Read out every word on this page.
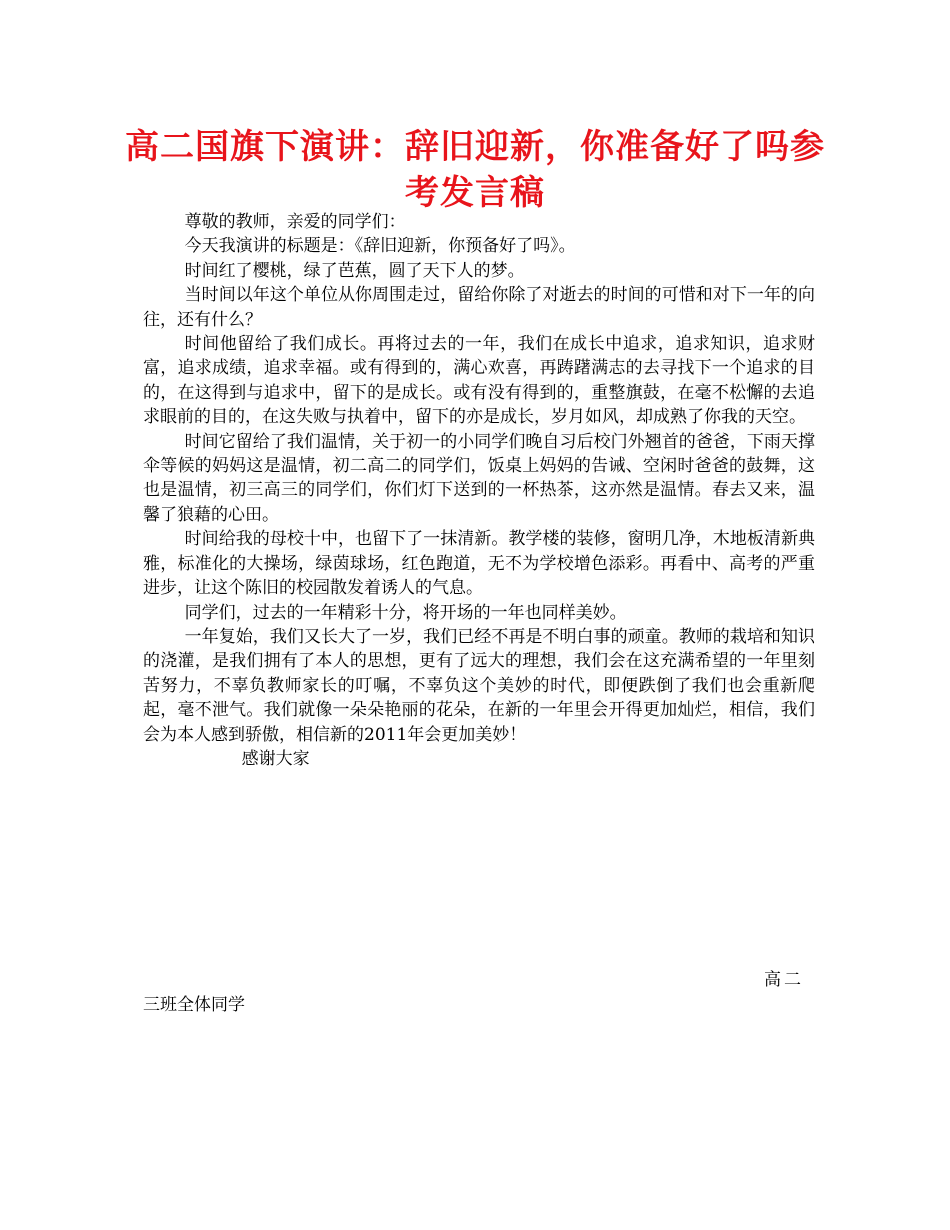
高二国旗下演讲：辞旧迎新，你准备好了吗参考发言稿

尊敬的教师，亲爱的同学们：

今天我演讲的标题是：《辞旧迎新，你预备好了吗》。

时间红了樱桃，绿了芭蕉，圆了天下人的梦。

当时间以年这个单位从你周围走过，留给你除了对逝去的时间的可惜和对下一年的向往，还有什么？

时间他留给了我们成长。再将过去的一年，我们在成长中追求，追求知识，追求财富，追求成绩，追求幸福。或有得到的，满心欢喜，再踌躇满志的去寻找下一个追求的目的，在这得到与追求中，留下的是成长。或有没有得到的，重整旗鼓，在毫不松懈的去追求眼前的目的，在这失败与执着中，留下的亦是成长，岁月如风，却成熟了你我的天空。

时间它留给了我们温情，关于初一的小同学们晚自习后校门外翘首的爸爸，下雨天撑伞等候的妈妈这是温情，初二高二的同学们，饭桌上妈妈的告诫、空闲时爸爸的鼓舞，这也是温情，初三高三的同学们，你们灯下送到的一杯热茶，这亦然是温情。春去又来，温馨了狼藉的心田。

时间给我的母校十中，也留下了一抹清新。教学楼的装修，窗明几净，木地板清新典雅，标准化的大操场，绿茵球场，红色跑道，无不为学校增色添彩。再看中、高考的严重进步，让这个陈旧的校园散发着诱人的气息。

同学们，过去的一年精彩十分，将开场的一年也同样美妙。

一年复始，我们又长大了一岁，我们已经不再是不明白事的顽童。教师的栽培和知识的浇灌，是我们拥有了本人的思想，更有了远大的理想，我们会在这充满希望的一年里刻苦努力，不辜负教师家长的叮嘱，不辜负这个美妙的时代，即便跌倒了我们也会重新爬起，毫不泄气。我们就像一朵朵艳丽的花朵，在新的一年里会开得更加灿烂，相信，我们会为本人感到骄傲，相信新的2011年会更加美妙！

感谢大家

高二
三班全体同学
